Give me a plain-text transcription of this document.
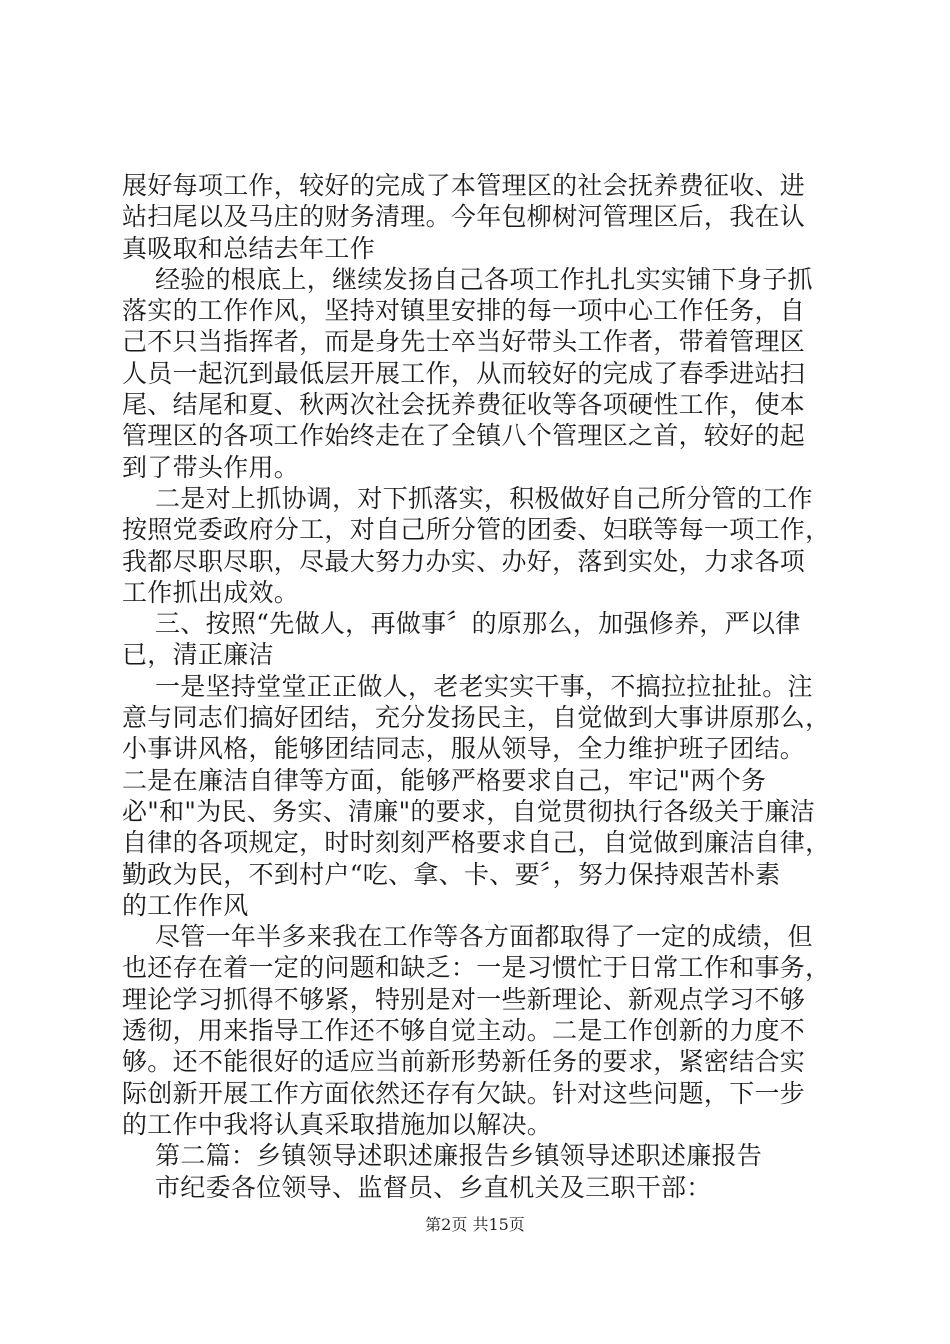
展好每项工作，较好的完成了本管理区的社会抚养费征收、进
站扫尾以及马庄的财务清理。今年包柳树河管理区后，我在认
真吸取和总结去年工作
经验的根底上，继续发扬自己各项工作扎扎实实铺下身子抓
落实的工作作风，坚持对镇里安排的每一项中心工作任务，自
己不只当指挥者，而是身先士卒当好带头工作者，带着管理区
人员一起沉到最低层开展工作，从而较好的完成了春季进站扫
尾、结尾和夏、秋两次社会抚养费征收等各项硬性工作，使本
管理区的各项工作始终走在了全镇八个管理区之首，较好的起
到了带头作用。
二是对上抓协调，对下抓落实，积极做好自己所分管的工作
按照党委政府分工，对自己所分管的团委、妇联等每一项工作，
我都尽职尽职，尽最大努力办实、办好，落到实处，力求各项
工作抓出成效。
三、按照“先做人，再做事〞的原那么，加强修养，严以律
已，清正廉洁
一是坚持堂堂正正做人，老老实实干事，不搞拉拉扯扯。注
意与同志们搞好团结，充分发扬民主，自觉做到大事讲原那么，
小事讲风格，能够团结同志，服从领导，全力维护班子团结。
二是在廉洁自律等方面，能够严格要求自己，牢记"两个务
必"和"为民、务实、清廉"的要求，自觉贯彻执行各级关于廉洁
自律的各项规定，时时刻刻严格要求自己，自觉做到廉洁自律，
勤政为民，不到村户“吃、拿、卡、要〞，努力保持艰苦朴素
的工作作风
尽管一年半多来我在工作等各方面都取得了一定的成绩，但
也还存在着一定的问题和缺乏：一是习惯忙于日常工作和事务，
理论学习抓得不够紧，特别是对一些新理论、新观点学习不够
透彻，用来指导工作还不够自觉主动。二是工作创新的力度不
够。还不能很好的适应当前新形势新任务的要求，紧密结合实
际创新开展工作方面依然还存有欠缺。针对这些问题，下一步
的工作中我将认真采取措施加以解决。
第二篇：乡镇领导述职述廉报告乡镇领导述职述廉报告
市纪委各位领导、监督员、乡直机关及三职干部：
第2页 共15页
